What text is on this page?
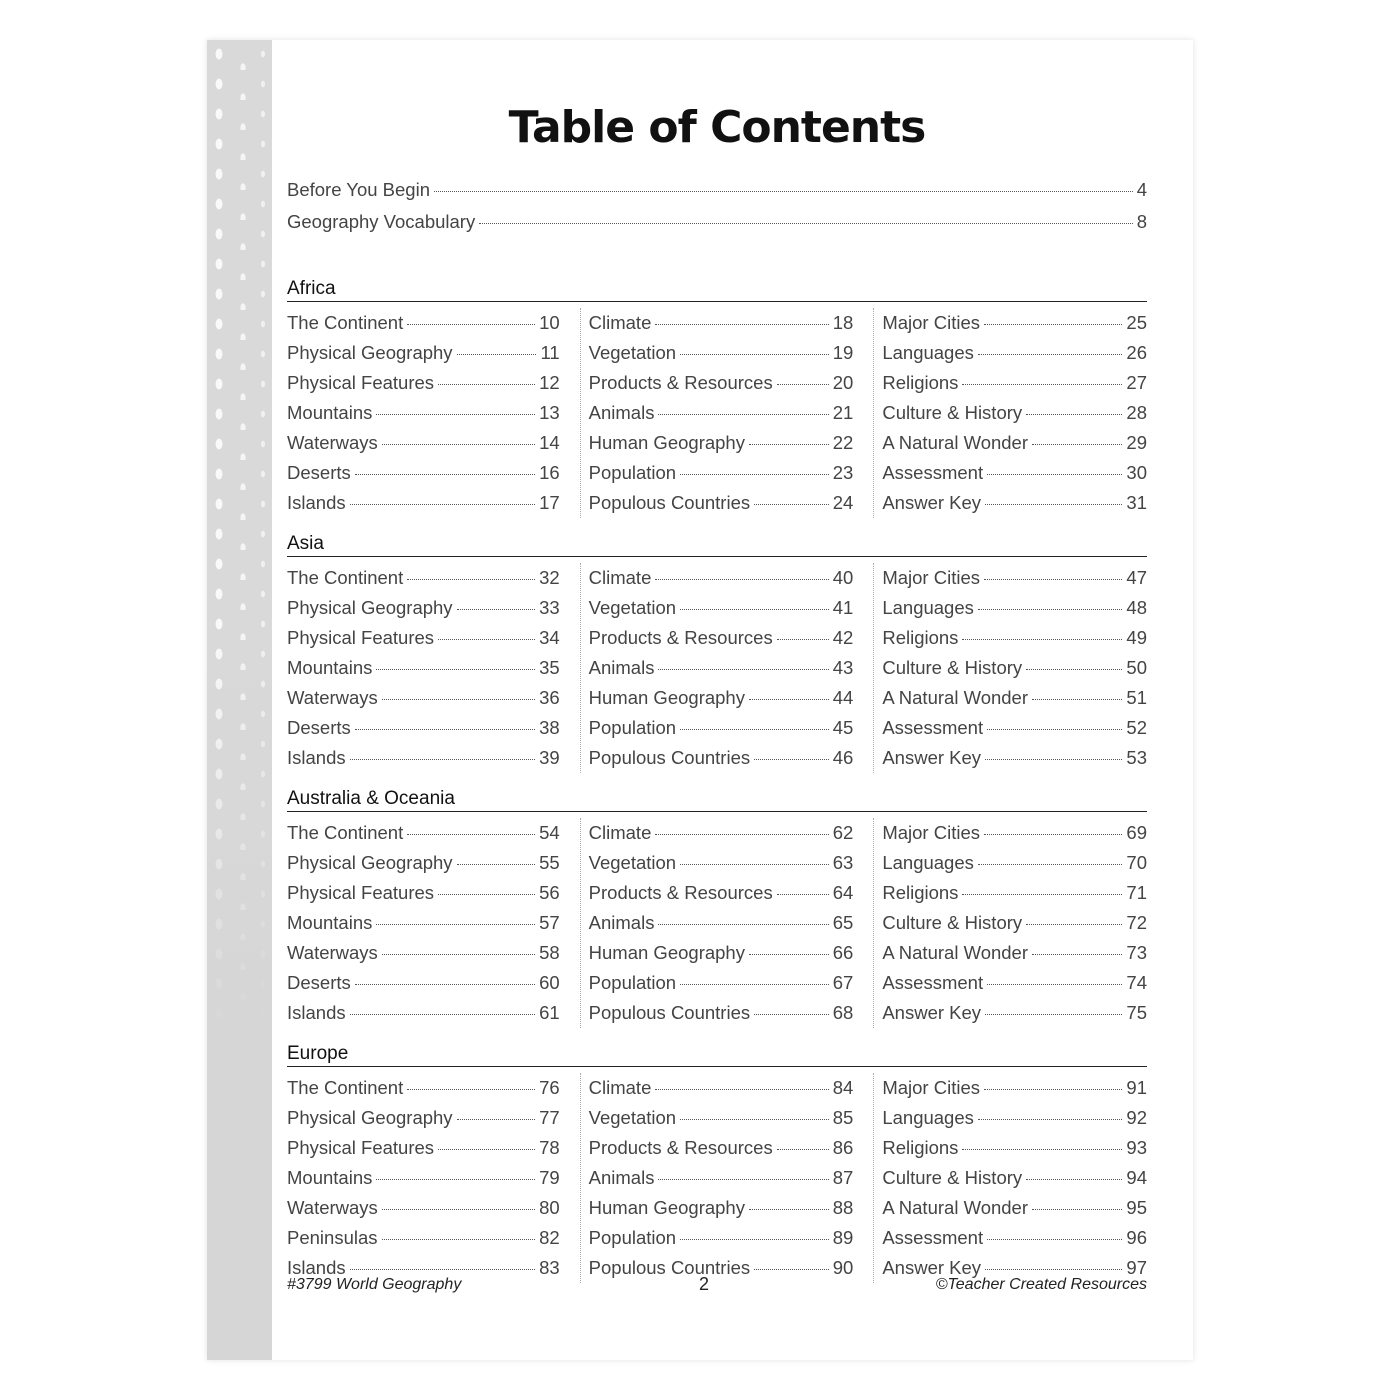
Table of Contents
Before You Begin	4
Geography Vocabulary	8
Africa
The Continent	10
Physical Geography	11
Physical Features	12
Mountains	13
Waterways	14
Deserts	16
Islands	17
Climate	18
Vegetation	19
Products & Resources	20
Animals	21
Human Geography	22
Population	23
Populous Countries	24
Major Cities	25
Languages	26
Religions	27
Culture & History	28
A Natural Wonder	29
Assessment	30
Answer Key	31
Asia
The Continent	32
Physical Geography	33
Physical Features	34
Mountains	35
Waterways	36
Deserts	38
Islands	39
Climate	40
Vegetation	41
Products & Resources	42
Animals	43
Human Geography	44
Population	45
Populous Countries	46
Major Cities	47
Languages	48
Religions	49
Culture & History	50
A Natural Wonder	51
Assessment	52
Answer Key	53
Australia & Oceania
The Continent	54
Physical Geography	55
Physical Features	56
Mountains	57
Waterways	58
Deserts	60
Islands	61
Climate	62
Vegetation	63
Products & Resources	64
Animals	65
Human Geography	66
Population	67
Populous Countries	68
Major Cities	69
Languages	70
Religions	71
Culture & History	72
A Natural Wonder	73
Assessment	74
Answer Key	75
Europe
The Continent	76
Physical Geography	77
Physical Features	78
Mountains	79
Waterways	80
Peninsulas	82
Islands	83
Climate	84
Vegetation	85
Products & Resources	86
Animals	87
Human Geography	88
Population	89
Populous Countries	90
Major Cities	91
Languages	92
Religions	93
Culture & History	94
A Natural Wonder	95
Assessment	96
Answer Key	97
#3799 World Geography	2	©Teacher Created Resources
